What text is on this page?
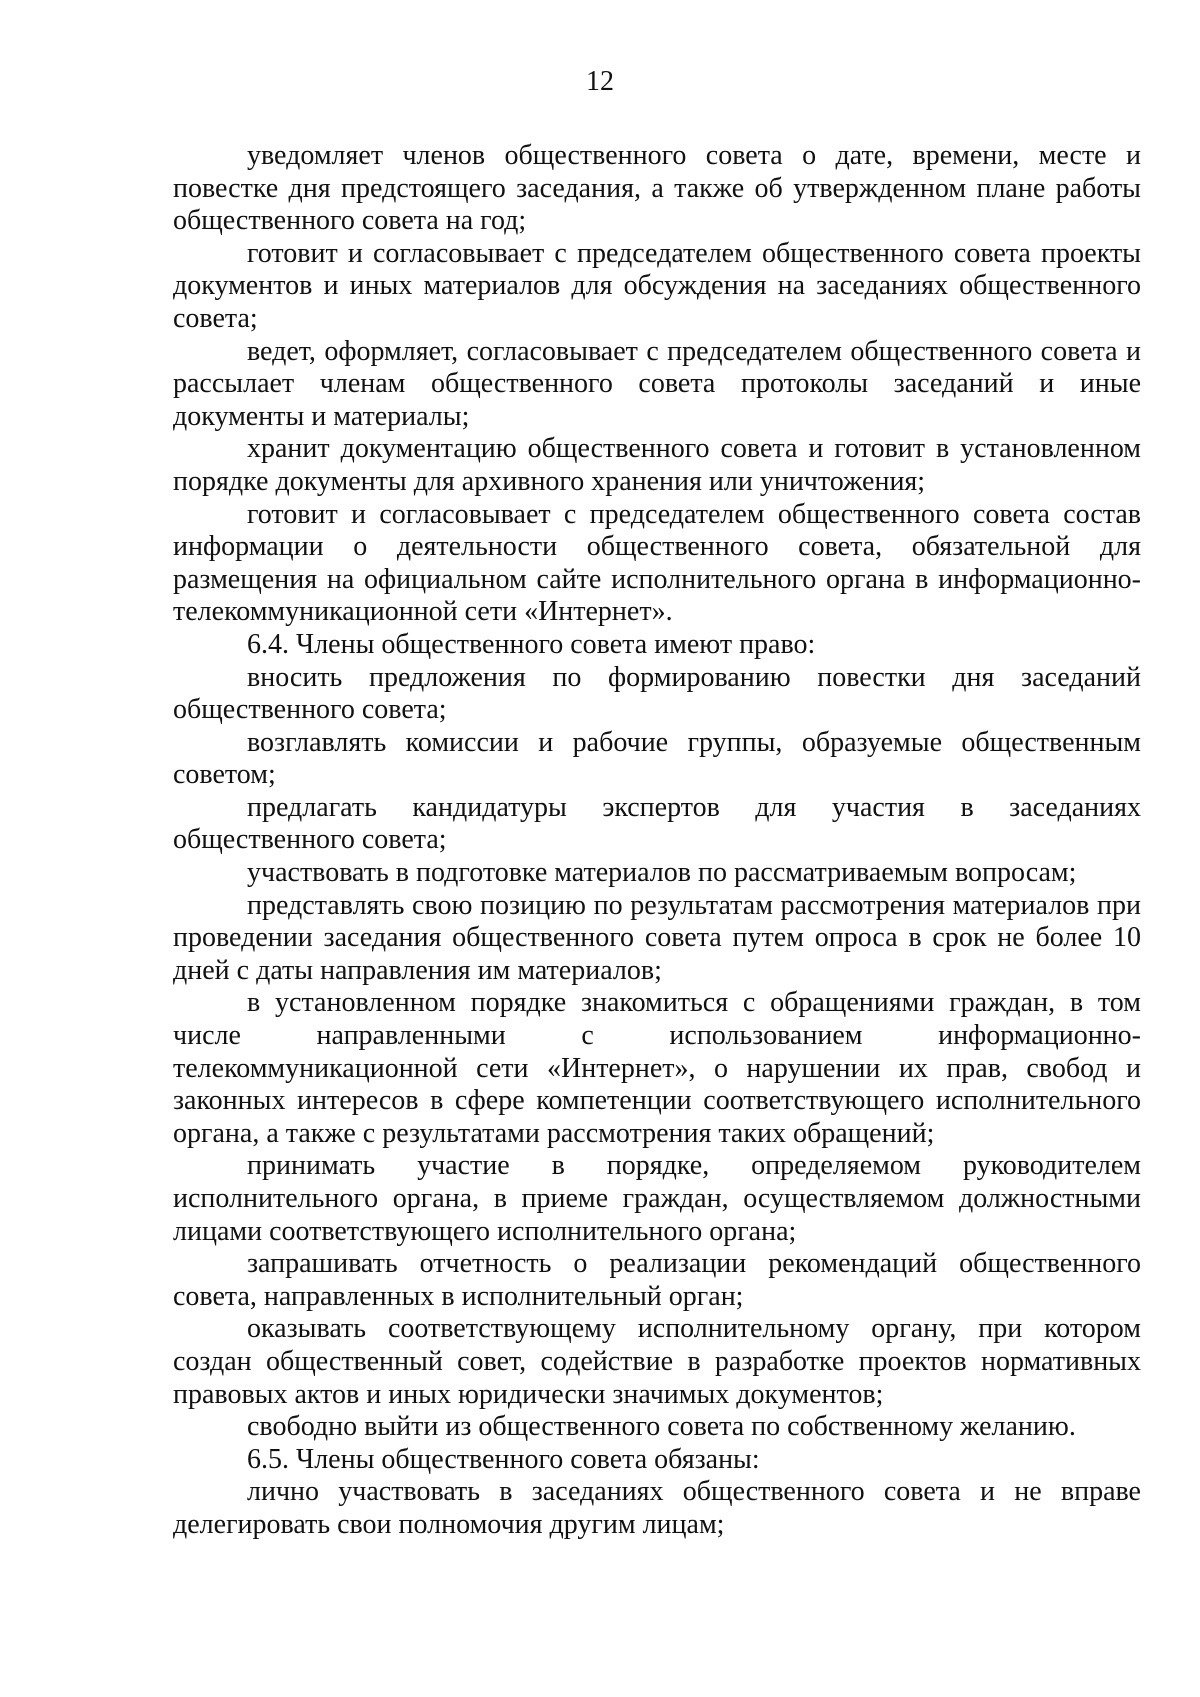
12

уведомляет членов общественного совета о дате, времени, месте и повестке дня предстоящего заседания, а также об утвержденном плане работы общественного совета на год;

готовит и согласовывает с председателем общественного совета проекты документов и иных материалов для обсуждения на заседаниях общественного совета;

ведет, оформляет, согласовывает с председателем общественного совета и рассылает членам общественного совета протоколы заседаний и иные документы и материалы;

хранит документацию общественного совета и готовит в установленном порядке документы для архивного хранения или уничтожения;

готовит и согласовывает с председателем общественного совета состав информации о деятельности общественного совета, обязательной для размещения на официальном сайте исполнительного органа в информационно-телекоммуникационной сети «Интернет».

6.4. Члены общественного совета имеют право:

вносить предложения по формированию повестки дня заседаний общественного совета;

возглавлять комиссии и рабочие группы, образуемые общественным советом;

предлагать кандидатуры экспертов для участия в заседаниях общественного совета;

участвовать в подготовке материалов по рассматриваемым вопросам;

представлять свою позицию по результатам рассмотрения материалов при проведении заседания общественного совета путем опроса в срок не более 10 дней с даты направления им материалов;

в установленном порядке знакомиться с обращениями граждан, в том числе направленными с использованием информационно-телекоммуникационной сети «Интернет», о нарушении их прав, свобод и законных интересов в сфере компетенции соответствующего исполнительного органа, а также с результатами рассмотрения таких обращений;

принимать участие в порядке, определяемом руководителем исполнительного органа, в приеме граждан, осуществляемом должностными лицами соответствующего исполнительного органа;

запрашивать отчетность о реализации рекомендаций общественного совета, направленных в исполнительный орган;

оказывать соответствующему исполнительному органу, при котором создан общественный совет, содействие в разработке проектов нормативных правовых актов и иных юридически значимых документов;

свободно выйти из общественного совета по собственному желанию.

6.5. Члены общественного совета обязаны:

лично участвовать в заседаниях общественного совета и не вправе делегировать свои полномочия другим лицам;
